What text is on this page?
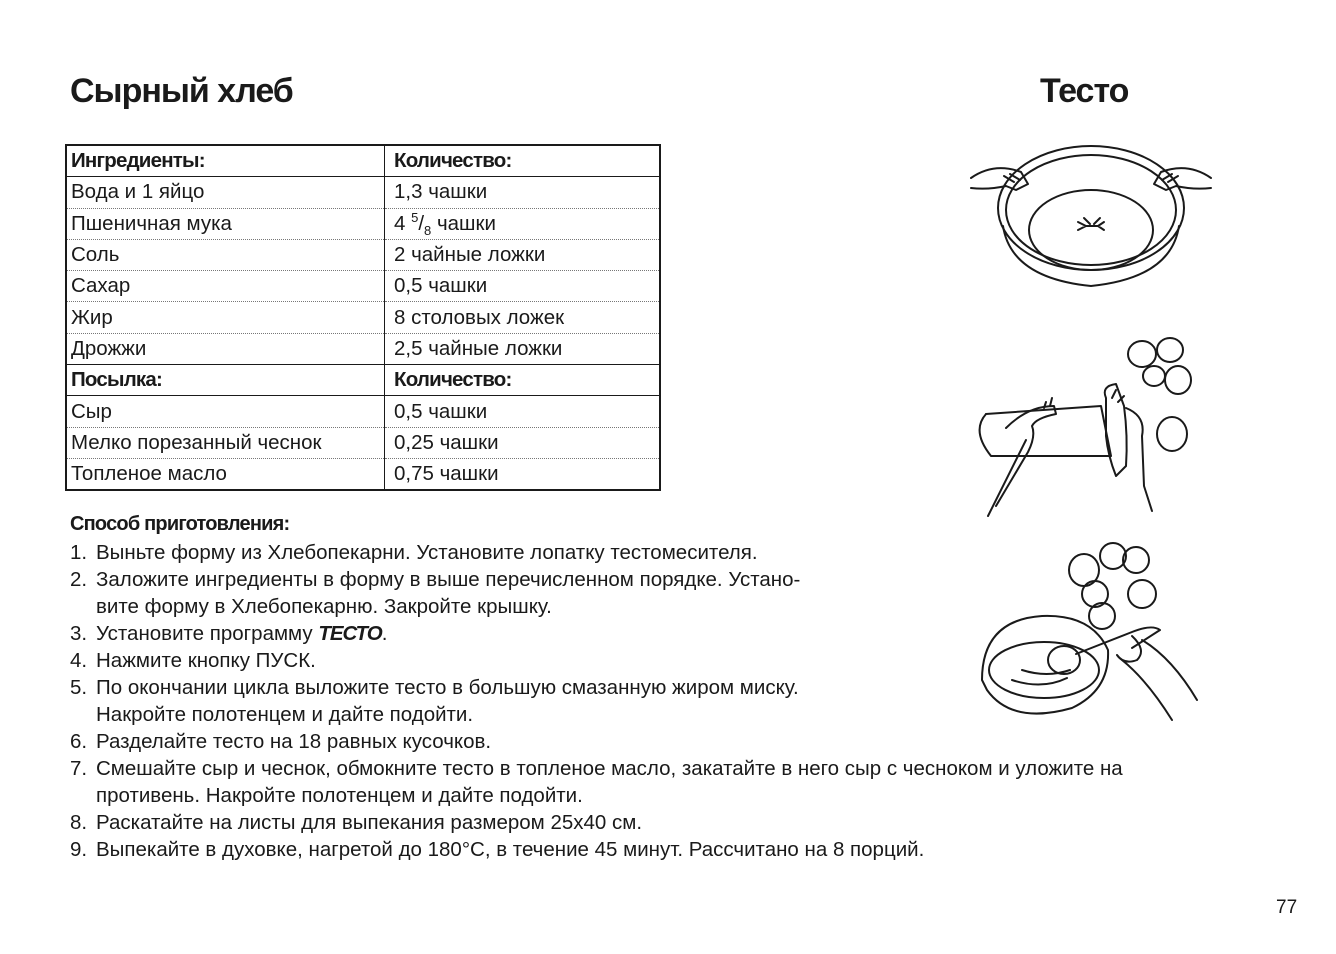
Сырный хлеб	Тесто
Ингредиенты:	Количество:
Вода и 1 яйцо	1,3 чашки
Пшеничная мука	4 $^5/_8$ чашки
Соль	2 чайные ложки
Сахар	0,5 чашки
Жир	8 столовых ложек
Дрожжи	2,5 чайные ложки
Посылка:	Количество:
Сыр	0,5 чашки
Мелко порезанный чеснок	0,25 чашки
Топленое масло	0,75 чашки
Способ приготовления:
1. Выньте форму из Хлебопекарни. Установите лопатку тестомесителя.
2. Заложите ингредиенты в форму в выше перечисленном порядке. Устано-
вите форму в Хлебопекарню. Закройте крышку.
3. Установите программу ТЕСТО.
4. Нажмите кнопку ПУСК.
5. По окончании цикла выложите тесто в большую смазанную жиром миску.
Накройте полотенцем и дайте подойти.
6. Разделайте тесто на 18 равных кусочков.
7. Смешайте сыр и чеснок, обмокните тесто в топленое масло, закатайте в него сыр с чесноком и уложите на
противень. Накройте полотенцем и дайте подойти.
8. Раскатайте на листы для выпекания размером 25х40 см.
9. Выпекайте в духовке, нагретой до 180°С, в течение 45 минут. Рассчитано на 8 порций.
77
